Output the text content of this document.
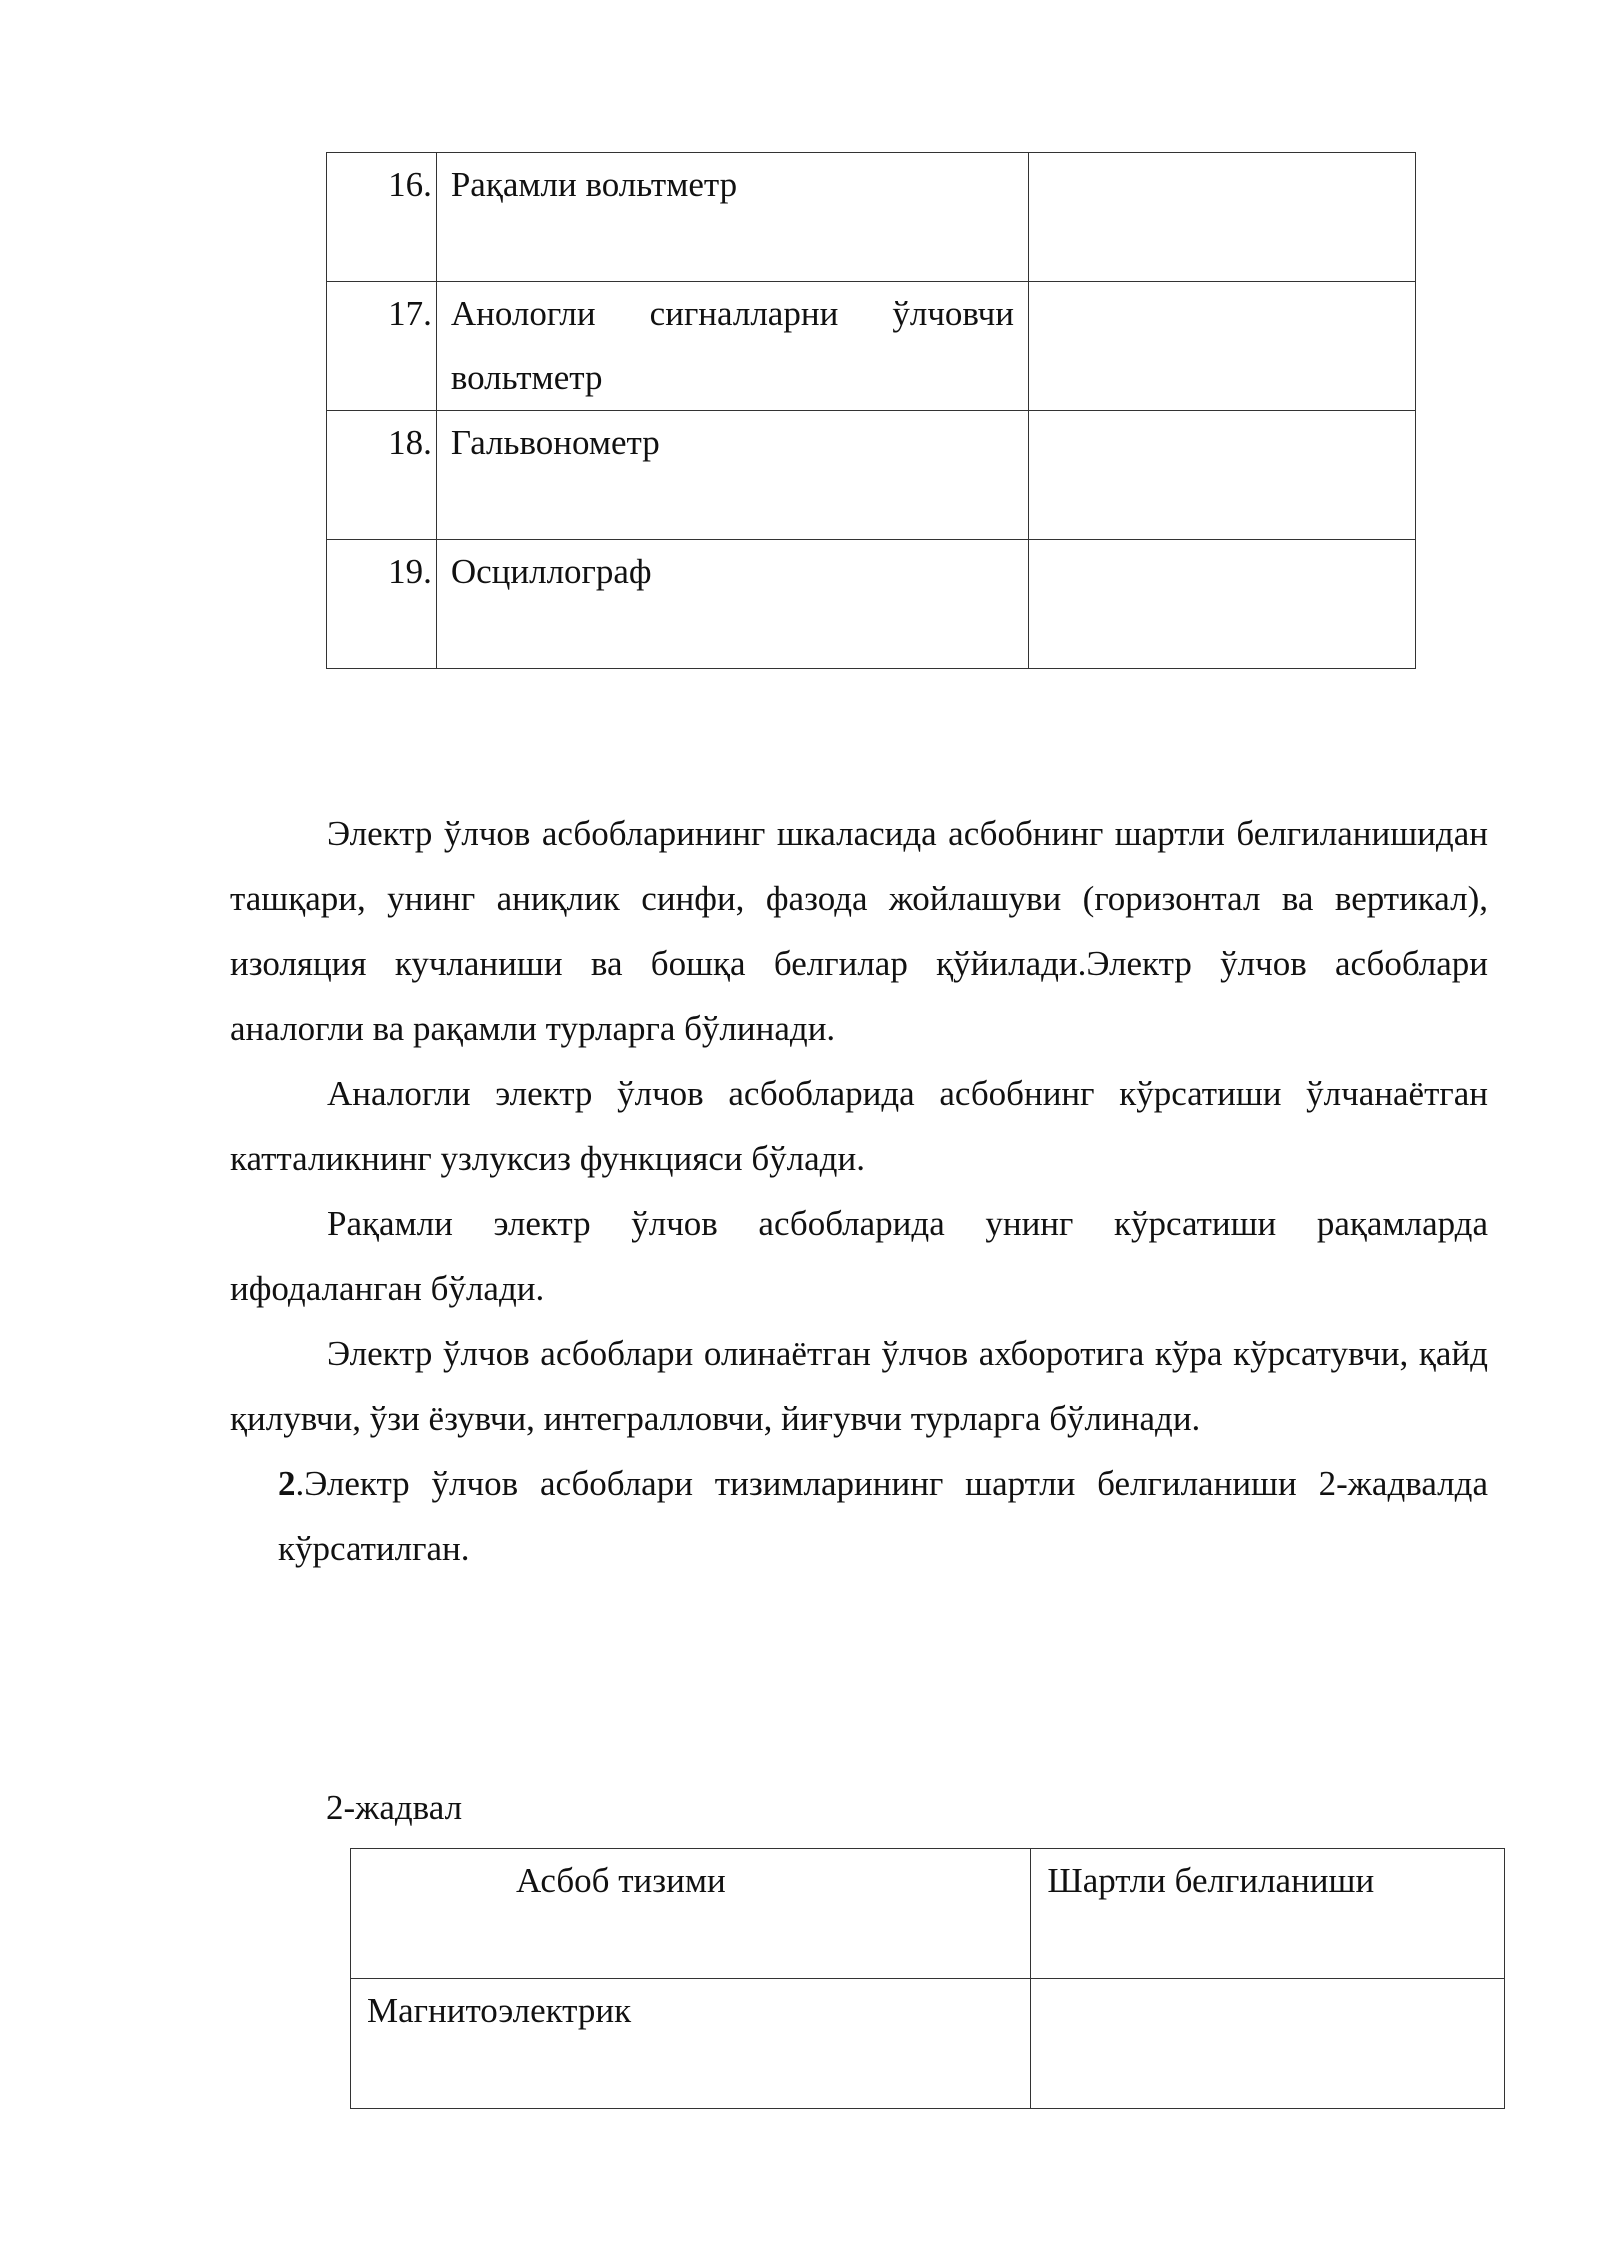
16.	Рақамли вольтметр	
17.	Анологли сигналларни ўлчовчи
вольтметр	

18.	Гальвонометр	
19.	Осциллограф	

Электр ўлчов асбобларининг шкаласида асбобнинг шартли белгиланишидан ташқари, унинг аниқлик синфи, фазода жойлашуви (горизонтал ва вертикал), изоляция кучланиши ва бошқа белгилар қўйилади.Электр ўлчов асбоблари аналогли ва рақамли турларга бўлинади.

Аналогли электр ўлчов асбобларида асбобнинг кўрсатиши ўлчанаётган катталикнинг узлуксиз функцияси бўлади.

Рақамли электр ўлчов асбобларида унинг кўрсатиши рақамларда ифодаланган бўлади.

Электр ўлчов асбоблари олинаётган ўлчов ахборотига кўра кўрсатувчи, қайд қилувчи, ўзи ёзувчи, интегралловчи, йиғувчи турларга бўлинади.

2.Электр ўлчов асбоблари тизимларининг шартли белгиланиши 2-жадвалда кўрсатилган.

2-жадвал

Асбоб тизими	Шартли белгиланиши
Магнитоэлектрик	
